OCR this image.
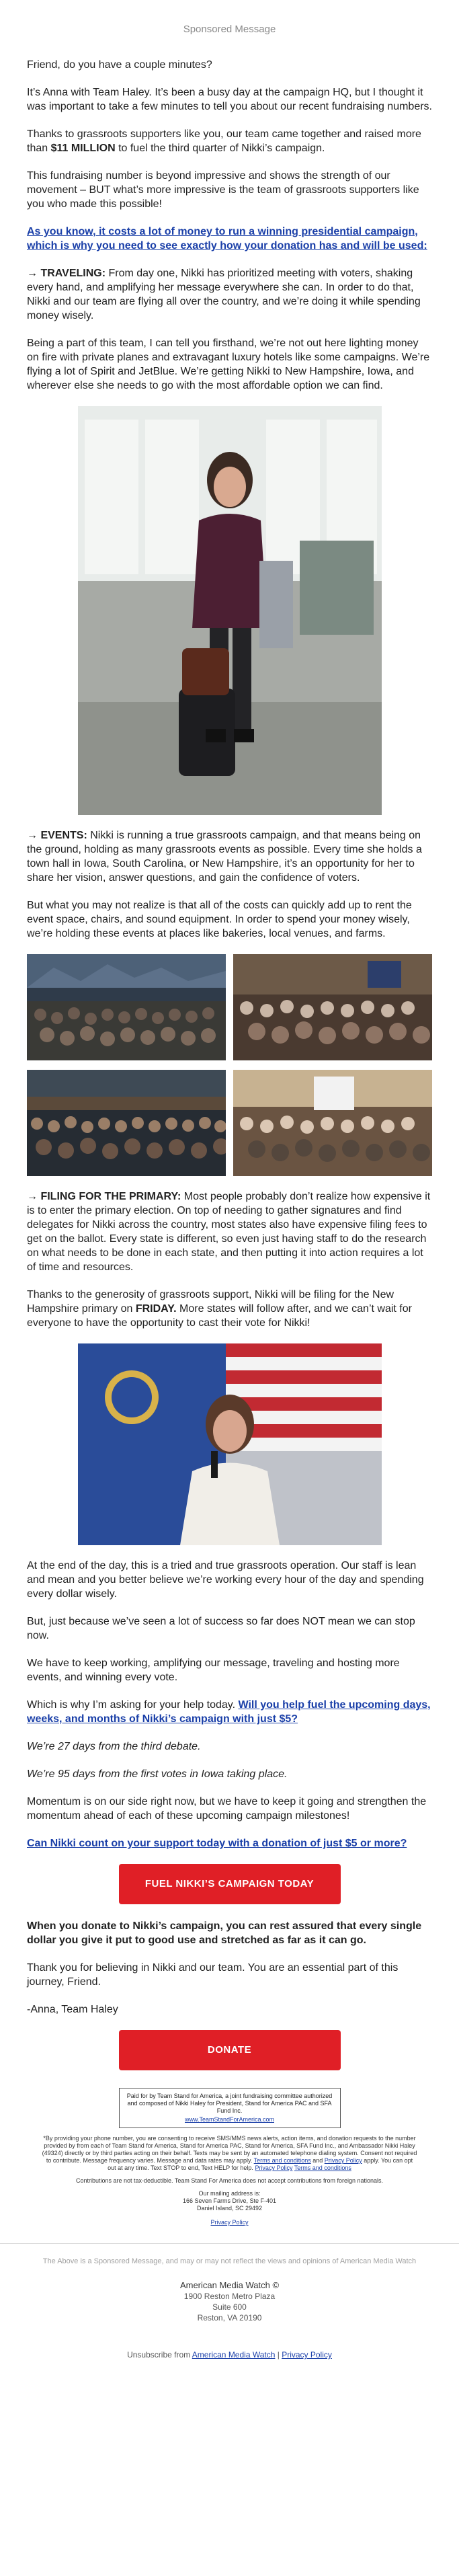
Sponsored Message

Friend, do you have a couple minutes?

It’s Anna with Team Haley. It’s been a busy day at the campaign HQ, but I thought it was important to take a few minutes to tell you about our recent fundraising numbers.

Thanks to grassroots supporters like you, our team came together and raised more than $11 MILLION to fuel the third quarter of Nikki’s campaign.

This fundraising number is beyond impressive and shows the strength of our movement – BUT what’s more impressive is the team of grassroots supporters like you who made this possible!

As you know, it costs a lot of money to run a winning presidential campaign, which is why you need to see exactly how your donation has and will be used:

→ TRAVELING: From day one, Nikki has prioritized meeting with voters, shaking every hand, and amplifying her message everywhere she can. In order to do that, Nikki and our team are flying all over the country, and we’re doing it while spending money wisely.

Being a part of this team, I can tell you firsthand, we’re not out here lighting money on fire with private planes and extravagant luxury hotels like some campaigns. We’re flying a lot of Spirit and JetBlue. We’re getting Nikki to New Hampshire, Iowa, and wherever else she needs to go with the most affordable option we can find.

→ EVENTS: Nikki is running a true grassroots campaign, and that means being on the ground, holding as many grassroots events as possible. Every time she holds a town hall in Iowa, South Carolina, or New Hampshire, it’s an opportunity for her to share her vision, answer questions, and gain the confidence of voters.

But what you may not realize is that all of the costs can quickly add up to rent the event space, chairs, and sound equipment. In order to spend your money wisely, we’re holding these events at places like bakeries, local venues, and farms.

→ FILING FOR THE PRIMARY: Most people probably don’t realize how expensive it is to enter the primary election. On top of needing to gather signatures and find delegates for Nikki across the country, most states also have expensive filing fees to get on the ballot. Every state is different, so even just having staff to do the research on what needs to be done in each state, and then putting it into action requires a lot of time and resources.

Thanks to the generosity of grassroots support, Nikki will be filing for the New Hampshire primary on FRIDAY. More states will follow after, and we can’t wait for everyone to have the opportunity to cast their vote for Nikki!

At the end of the day, this is a tried and true grassroots operation. Our staff is lean and mean and you better believe we’re working every hour of the day and spending every dollar wisely.

But, just because we’ve seen a lot of success so far does NOT mean we can stop now.

We have to keep working, amplifying our message, traveling and hosting more events, and winning every vote.

Which is why I’m asking for your help today. Will you help fuel the upcoming days, weeks, and months of Nikki’s campaign with just $5?

We’re 27 days from the third debate.

We’re 95 days from the first votes in Iowa taking place.

Momentum is on our side right now, but we have to keep it going and strengthen the momentum ahead of each of these upcoming campaign milestones!

Can Nikki count on your support today with a donation of just $5 or more?

FUEL NIKKI’S CAMPAIGN TODAY

When you donate to Nikki’s campaign, you can rest assured that every single dollar you give it put to good use and stretched as far as it can go.

Thank you for believing in Nikki and our team. You are an essential part of this journey, Friend.

-Anna, Team Haley

DONATE
Paid for by Team Stand for America, a joint fundraising committee authorized and composed of Nikki Haley for President, Stand for America PAC and SFA Fund Inc.
www.TeamStandForAmerica.com

*By providing your phone number, you are consenting to receive SMS/MMS news alerts, action items, and donation requests to the number provided by from each of Team Stand for America, Stand for America PAC, Stand for America, SFA Fund Inc., and Ambassador Nikki Haley (49324) directly or by third parties acting on their behalf. Texts may be sent by an automated telephone dialing system. Consent not required to contribute. Message frequency varies. Message and data rates may apply. Terms and conditions and Privacy Policy apply. You can opt out at any time. Text STOP to end, Text HELP for help. Privacy Policy Terms and conditions

Contributions are not tax-deductible. Team Stand For America does not accept contributions from foreign nationals.

Our mailing address is:
166 Seven Farms Drive, Ste F-401
Daniel Island, SC 29492
Privacy Policy
The Above is a Sponsored Message, and may or may not reflect the views and opinions of American Media Watch
American Media Watch ©
1900 Reston Metro Plaza
Suite 600
Reston, VA 20190
Unsubscribe from American Media Watch | Privacy Policy
